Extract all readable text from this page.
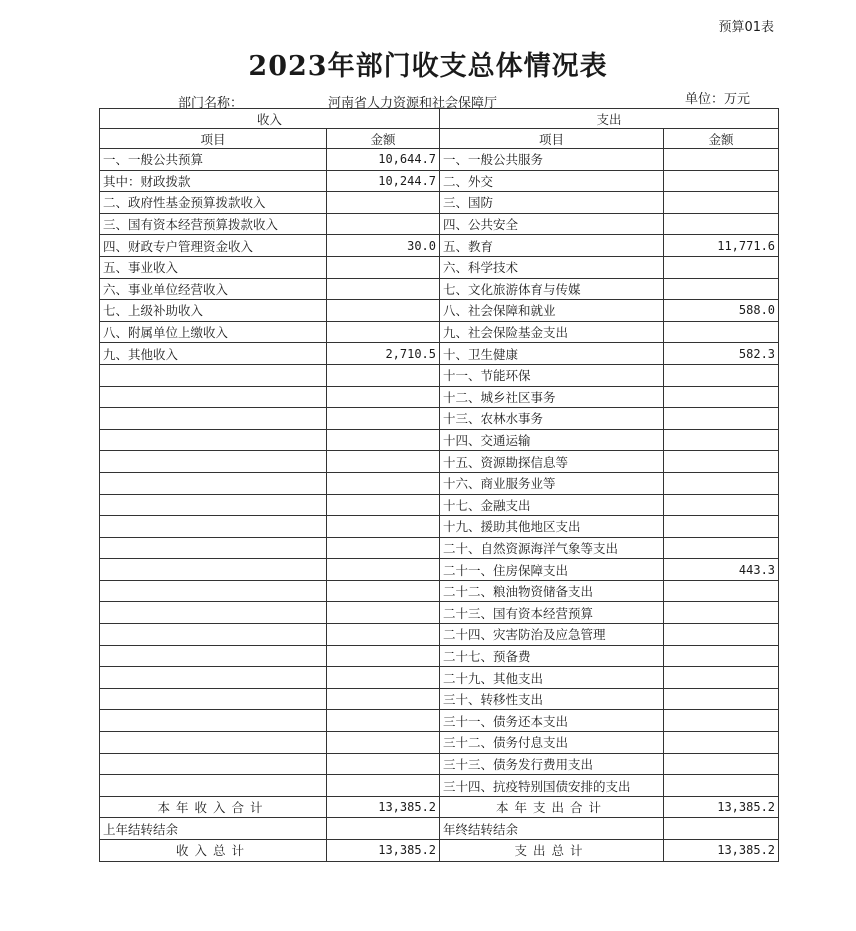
预算01表
2023年部门收支总体情况表
部门名称：	河南省人力资源和社会保障厅	单位：万元
收入		支出	
项目	金额	项目	金额
一、一般公共预算	10,644.7	一、一般公共服务	
其中：财政拨款	10,244.7	二、外交	
二、政府性基金预算拨款收入		三、国防	
三、国有资本经营预算拨款收入		四、公共安全	
四、财政专户管理资金收入	30.0	五、教育	11,771.6
五、事业收入		六、科学技术	
六、事业单位经营收入		七、文化旅游体育与传媒	
七、上级补助收入		八、社会保障和就业	588.0
八、附属单位上缴收入		九、社会保险基金支出	
九、其他收入	2,710.5	十、卫生健康	582.3
		十一、节能环保	
		十二、城乡社区事务	
		十三、农林水事务	
		十四、交通运输	
		十五、资源勘探信息等	
		十六、商业服务业等	
		十七、金融支出	
		十九、援助其他地区支出	
		二十、自然资源海洋气象等支出	
		二十一、住房保障支出	443.3
		二十二、粮油物资储备支出	
		二十三、国有资本经营预算	
		二十四、灾害防治及应急管理	
		二十七、预备费	
		二十九、其他支出	
		三十、转移性支出	
		三十一、债务还本支出	
		三十二、债务付息支出	
		三十三、债务发行费用支出	
		三十四、抗疫特别国债安排的支出	
本年收入合计	13,385.2	本年支出合计	13,385.2
上年结转结余		年终结转结余	
收入总计	13,385.2	支出总计	13,385.2
